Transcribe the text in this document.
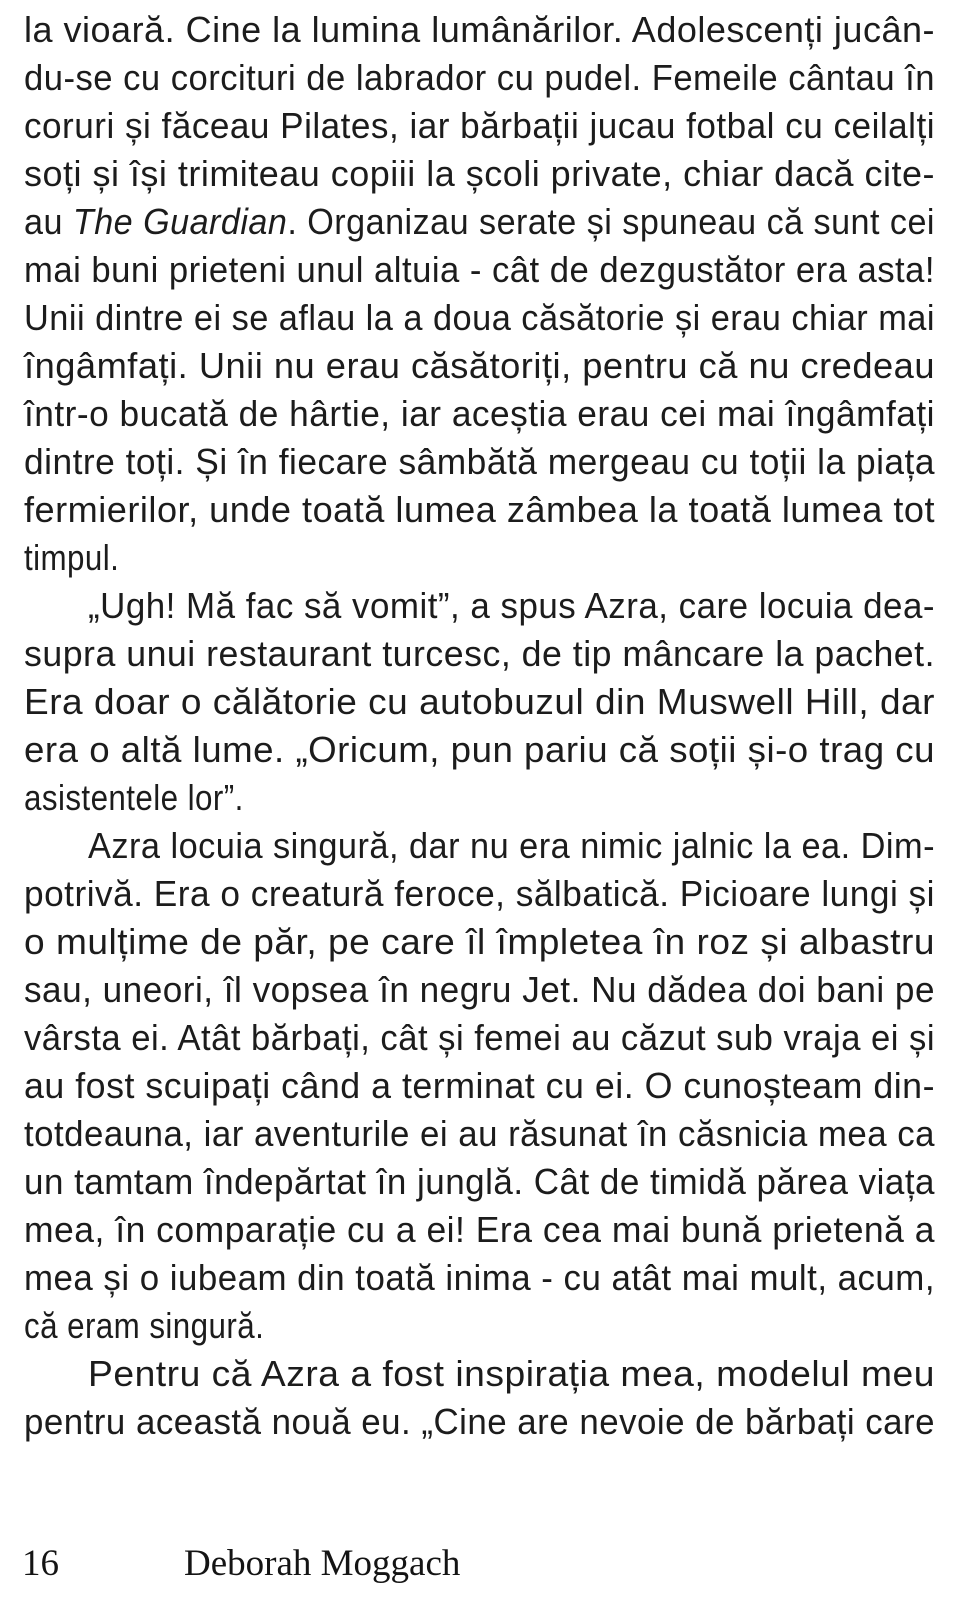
la vioară. Cine la lumina lumânărilor. Adolescenți jucân-
du-se cu corcituri de labrador cu pudel. Femeile cântau în
coruri și făceau Pilates, iar bărbații jucau fotbal cu ceilalți
soți și își trimiteau copiii la școli private, chiar dacă cite-
au The Guardian. Organizau serate și spuneau că sunt cei
mai buni prieteni unul altuia - cât de dezgustător era asta!
Unii dintre ei se aflau la a doua căsătorie și erau chiar mai
îngâmfați. Unii nu erau căsătoriți, pentru că nu credeau
într-o bucată de hârtie, iar aceștia erau cei mai îngâmfați
dintre toți. Și în fiecare sâmbătă mergeau cu toții la piața
fermierilor, unde toată lumea zâmbea la toată lumea tot
timpul.
„Ugh! Mă fac să vomit”, a spus Azra, care locuia dea-
supra unui restaurant turcesc, de tip mâncare la pachet.
Era doar o călătorie cu autobuzul din Muswell Hill, dar
era o altă lume. „Oricum, pun pariu că soții și-o trag cu
asistentele lor”.
Azra locuia singură, dar nu era nimic jalnic la ea. Dim-
potrivă. Era o creatură feroce, sălbatică. Picioare lungi și
o mulțime de păr, pe care îl împletea în roz și albastru
sau, uneori, îl vopsea în negru Jet. Nu dădea doi bani pe
vârsta ei. Atât bărbați, cât și femei au căzut sub vraja ei și
au fost scuipați când a terminat cu ei. O cunoșteam din-
totdeauna, iar aventurile ei au răsunat în căsnicia mea ca
un tamtam îndepărtat în junglă. Cât de timidă părea viața
mea, în comparație cu a ei! Era cea mai bună prietenă a
mea și o iubeam din toată inima - cu atât mai mult, acum,
că eram singură.
Pentru că Azra a fost inspirația mea, modelul meu
pentru această nouă eu. „Cine are nevoie de bărbați care
16	Deborah Moggach
